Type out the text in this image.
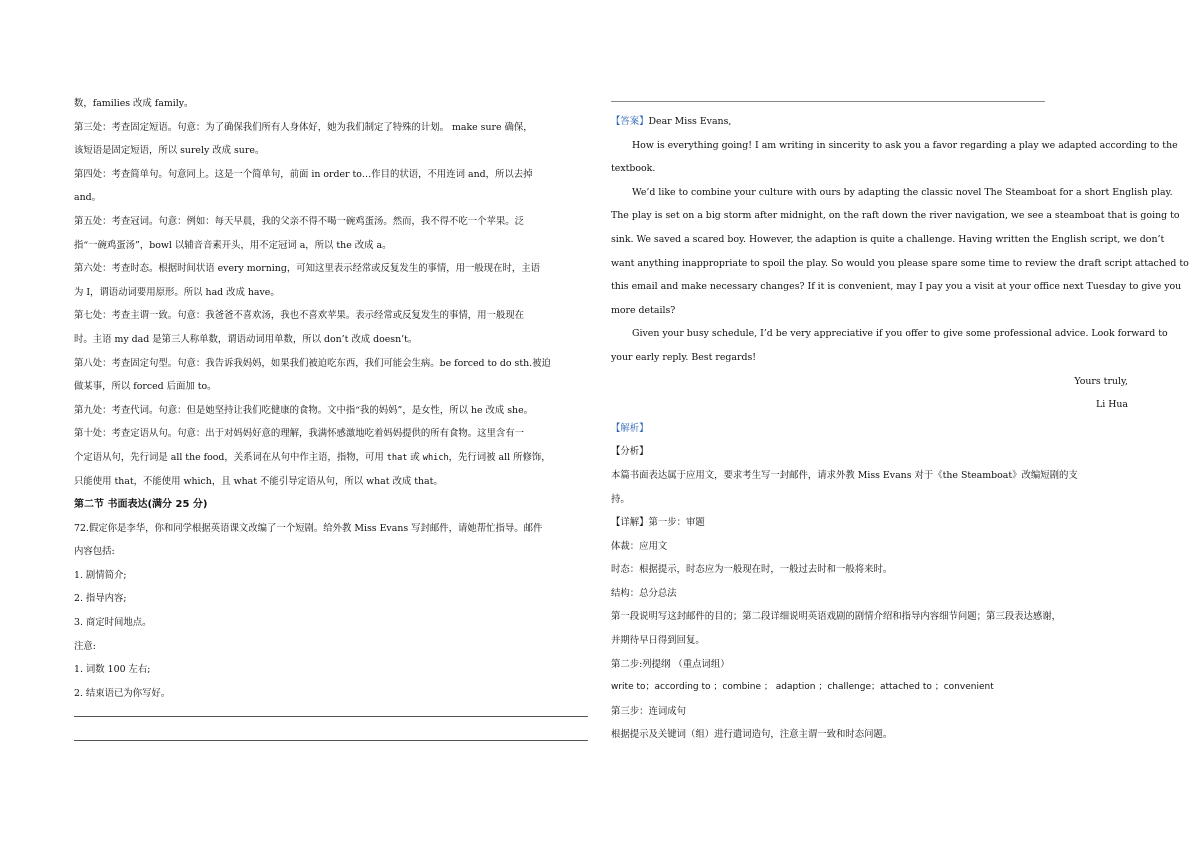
数，families 改成 family。
第三处：考查固定短语。句意：为了确保我们所有人身体好，她为我们制定了特殊的计划。 make sure 确保，
该短语是固定短语，所以 surely 改成 sure。
第四处：考查简单句。句意同上。这是一个简单句，前面 in order to…作目的状语，不用连词 and，所以去掉
and。
第五处：考查冠词。句意：例如：每天早晨，我的父亲不得不喝一碗鸡蛋汤。然而，我不得不吃一个苹果。泛
指“一碗鸡蛋汤”，bowl 以辅音音素开头，用不定冠词 a，所以 the 改成 a。
第六处：考查时态。根据时间状语 every morning，可知这里表示经常或反复发生的事情，用一般现在时，主语
为 I，谓语动词要用原形。所以 had 改成 have。
第七处：考查主谓一致。句意：我爸爸不喜欢汤，我也不喜欢苹果。表示经常或反复发生的事情，用一般现在
时。主语 my dad 是第三人称单数，谓语动词用单数，所以 don’t 改成 doesn’t。
第八处：考查固定句型。句意：我告诉我妈妈，如果我们被迫吃东西，我们可能会生病。be forced to do sth.被迫
做某事，所以 forced 后面加 to。
第九处：考查代词。句意：但是她坚持让我们吃健康的食物。文中指“我的妈妈”，是女性，所以 he 改成 she。
第十处：考查定语从句。句意：出于对妈妈好意的理解，我满怀感激地吃着妈妈提供的所有食物。这里含有一
个定语从句，先行词是 all the food，关系词在从句中作主语，指物，可用 that 或 which，先行词被 all 所修饰，
只能使用 that，不能使用 which，且 what 不能引导定语从句，所以 what 改成 that。
第二节 书面表达(满分 25 分)
72.假定你是李华，你和同学根据英语课文改编了一个短剧。给外教 Miss Evans 写封邮件，请她帮忙指导。邮件
内容包括:
1. 剧情简介;
2. 指导内容;
3. 商定时间地点。
注意:
1. 词数 100 左右;
2. 结束语已为你写好。
【答案】Dear Miss Evans,
How is everything going! I am writing in sincerity to ask you a favor regarding a play we adapted according to the
textbook.
We’d like to combine your culture with ours by adapting the classic novel The Steamboat for a short English play.
The play is set on a big storm after midnight, on the raft down the river navigation, we see a steamboat that is going to
sink. We saved a scared boy. However, the adaption is quite a challenge. Having written the English script, we don’t
want anything inappropriate to spoil the play. So would you please spare some time to review the draft script attached to
this email and make necessary changes? If it is convenient, may I pay you a visit at your office next Tuesday to give you
more details?
Given your busy schedule, I’d be very appreciative if you offer to give some professional advice. Look forward to
your early reply. Best regards!
Yours truly,
Li Hua
【解析】
【分析】
本篇书面表达属于应用文，要求考生写一封邮件，请求外教 Miss Evans 对于《the Steamboat》改编短剧的支
持。
【详解】第一步：审题
体裁：应用文
时态：根据提示，时态应为一般现在时，一般过去时和一般将来时。
结构：总分总法
第一段说明写这封邮件的目的；第二段详细说明英语戏剧的剧情介绍和指导内容细节问题；第三段表达感谢，
并期待早日得到回复。
第二步:列提纲 （重点词组）
write to；according to ；combine ； adaption ；challenge；attached to ；convenient
第三步：连词成句
根据提示及关键词（组）进行遣词造句，注意主谓一致和时态问题。
